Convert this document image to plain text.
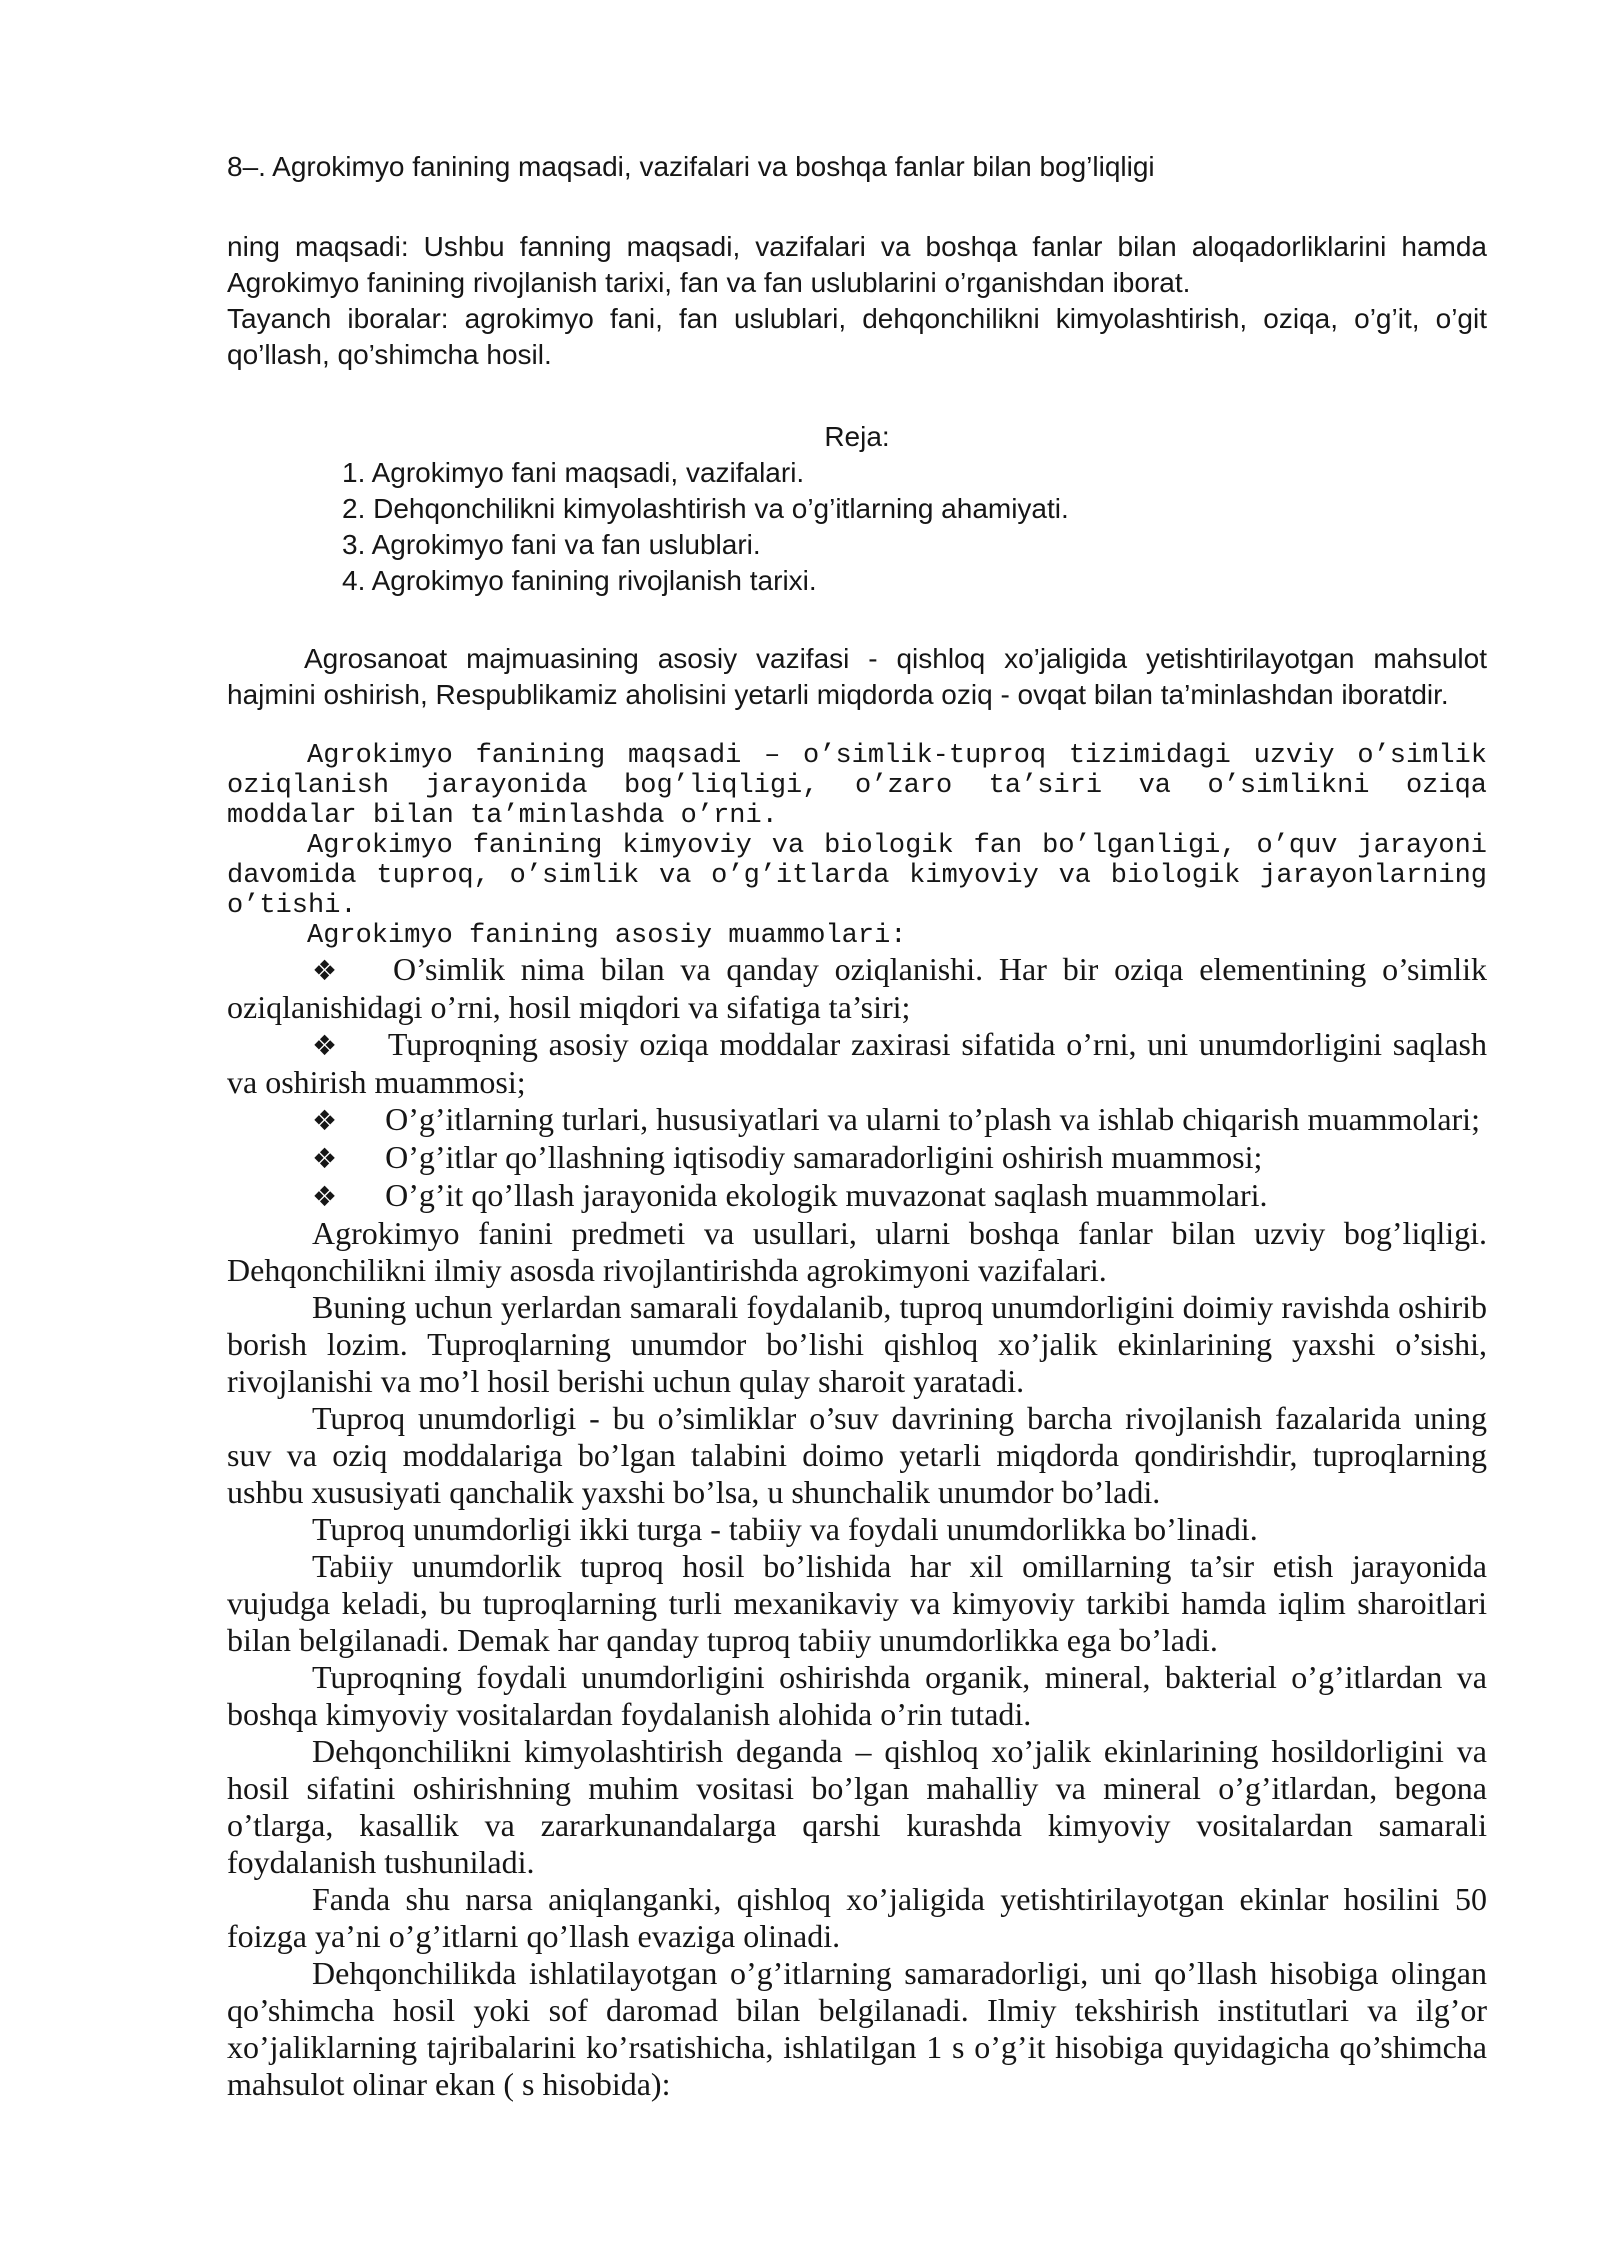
8–. Agrokimyo fanining maqsadi, vazifalari va boshqa fanlar bilan bog’liqligi

ning maqsadi: Ushbu fanning maqsadi, vazifalari va boshqa fanlar bilan aloqadorliklarini hamda Agrokimyo fanining rivojlanish tarixi, fan va fan uslublarini o’rganishdan iborat.

Tayanch iboralar: agrokimyo fani, fan uslublari, dehqonchilikni kimyolashtirish, oziqa, o’g’it, o’git qo’llash, qo’shimcha hosil.

Reja:
1. Agrokimyo fani maqsadi, vazifalari.
2. Dehqonchilikni kimyolashtirish va o’g’itlarning ahamiyati.
3. Agrokimyo fani va fan uslublari.
4. Agrokimyo fanining rivojlanish tarixi.

Agrosanoat majmuasining asosiy vazifasi - qishloq xo’jaligida yetishtirilayotgan mahsulot hajmini oshirish, Respublikamiz aholisini yetarli miqdorda oziq - ovqat bilan ta’minlashdan iboratdir.

Agrokimyo fanining maqsadi – o’simlik-tuproq tizimidagi uzviy o’simlik oziqlanish jarayonida bog’liqligi, o’zaro ta’siri va o’simlikni oziqa moddalar bilan ta’minlashda o’rni.

Agrokimyo fanining kimyoviy va biologik fan bo’lganligi, o’quv jarayoni davomida tuproq, o’simlik va o’g’itlarda kimyoviy va biologik jarayonlarning o’tishi.

Agrokimyo fanining asosiy muammolari:

❖ O’simlik nima bilan va qanday oziqlanishi. Har bir oziqa elementining o’simlik oziqlanishidagi o’rni, hosil miqdori va sifatiga ta’siri;
❖ Tuproqning asosiy oziqa moddalar zaxirasi sifatida o’rni, uni unumdorligini saqlash va oshirish muammosi;
❖ O’g’itlarning turlari, hususiyatlari va ularni to’plash va ishlab chiqarish muammolari;
❖ O’g’itlar qo’llashning iqtisodiy samaradorligini oshirish muammosi;
❖ O’g’it qo’llash jarayonida ekologik muvazonat saqlash muammolari.

Agrokimyo fanini predmeti va usullari, ularni boshqa fanlar bilan uzviy bog’liqligi. Dehqonchilikni ilmiy asosda rivojlantirishda agrokimyoni vazifalari.

Buning uchun yerlardan samarali foydalanib, tuproq unumdorligini doimiy ravishda oshirib borish lozim. Tuproqlarning unumdor bo’lishi qishloq xo’jalik ekinlarining yaxshi o’sishi, rivojlanishi va mo’l hosil berishi uchun qulay sharoit yaratadi.

Tuproq unumdorligi - bu o’simliklar o’suv davrining barcha rivojlanish fazalarida uning suv va oziq moddalariga bo’lgan talabini doimo yetarli miqdorda qondirishdir, tuproqlarning ushbu xususiyati qanchalik yaxshi bo’lsa, u shunchalik unumdor bo’ladi.

Tuproq unumdorligi ikki turga - tabiiy va foydali unumdorlikka bo’linadi.

Tabiiy unumdorlik tuproq hosil bo’lishida har xil omillarning ta’sir etish jarayonida vujudga keladi, bu tuproqlarning turli mexanikaviy va kimyoviy tarkibi hamda iqlim sharoitlari bilan belgilanadi. Demak har qanday tuproq tabiiy unumdorlikka ega bo’ladi.

Tuproqning foydali unumdorligini oshirishda organik, mineral, bakterial o’g’itlardan va boshqa kimyoviy vositalardan foydalanish alohida o’rin tutadi.

Dehqonchilikni kimyolashtirish deganda – qishloq xo’jalik ekinlarining hosildorligini va hosil sifatini oshirishning muhim vositasi bo’lgan mahalliy va mineral o’g’itlardan, begona o’tlarga, kasallik va zararkunandalarga qarshi kurashda kimyoviy vositalardan samarali foydalanish tushuniladi.

Fanda shu narsa aniqlanganki, qishloq xo’jaligida yetishtirilayotgan ekinlar hosilini 50 foizga ya’ni o’g’itlarni qo’llash evaziga olinadi.

Dehqonchilikda ishlatilayotgan o’g’itlarning samaradorligi, uni qo’llash hisobiga olingan qo’shimcha hosil yoki sof daromad bilan belgilanadi. Ilmiy tekshirish institutlari va ilg’or xo’jaliklarning tajribalarini ko’rsatishicha, ishlatilgan 1 s o’g’it hisobiga quyidagicha qo’shimcha mahsulot olinar ekan ( s hisobida):
